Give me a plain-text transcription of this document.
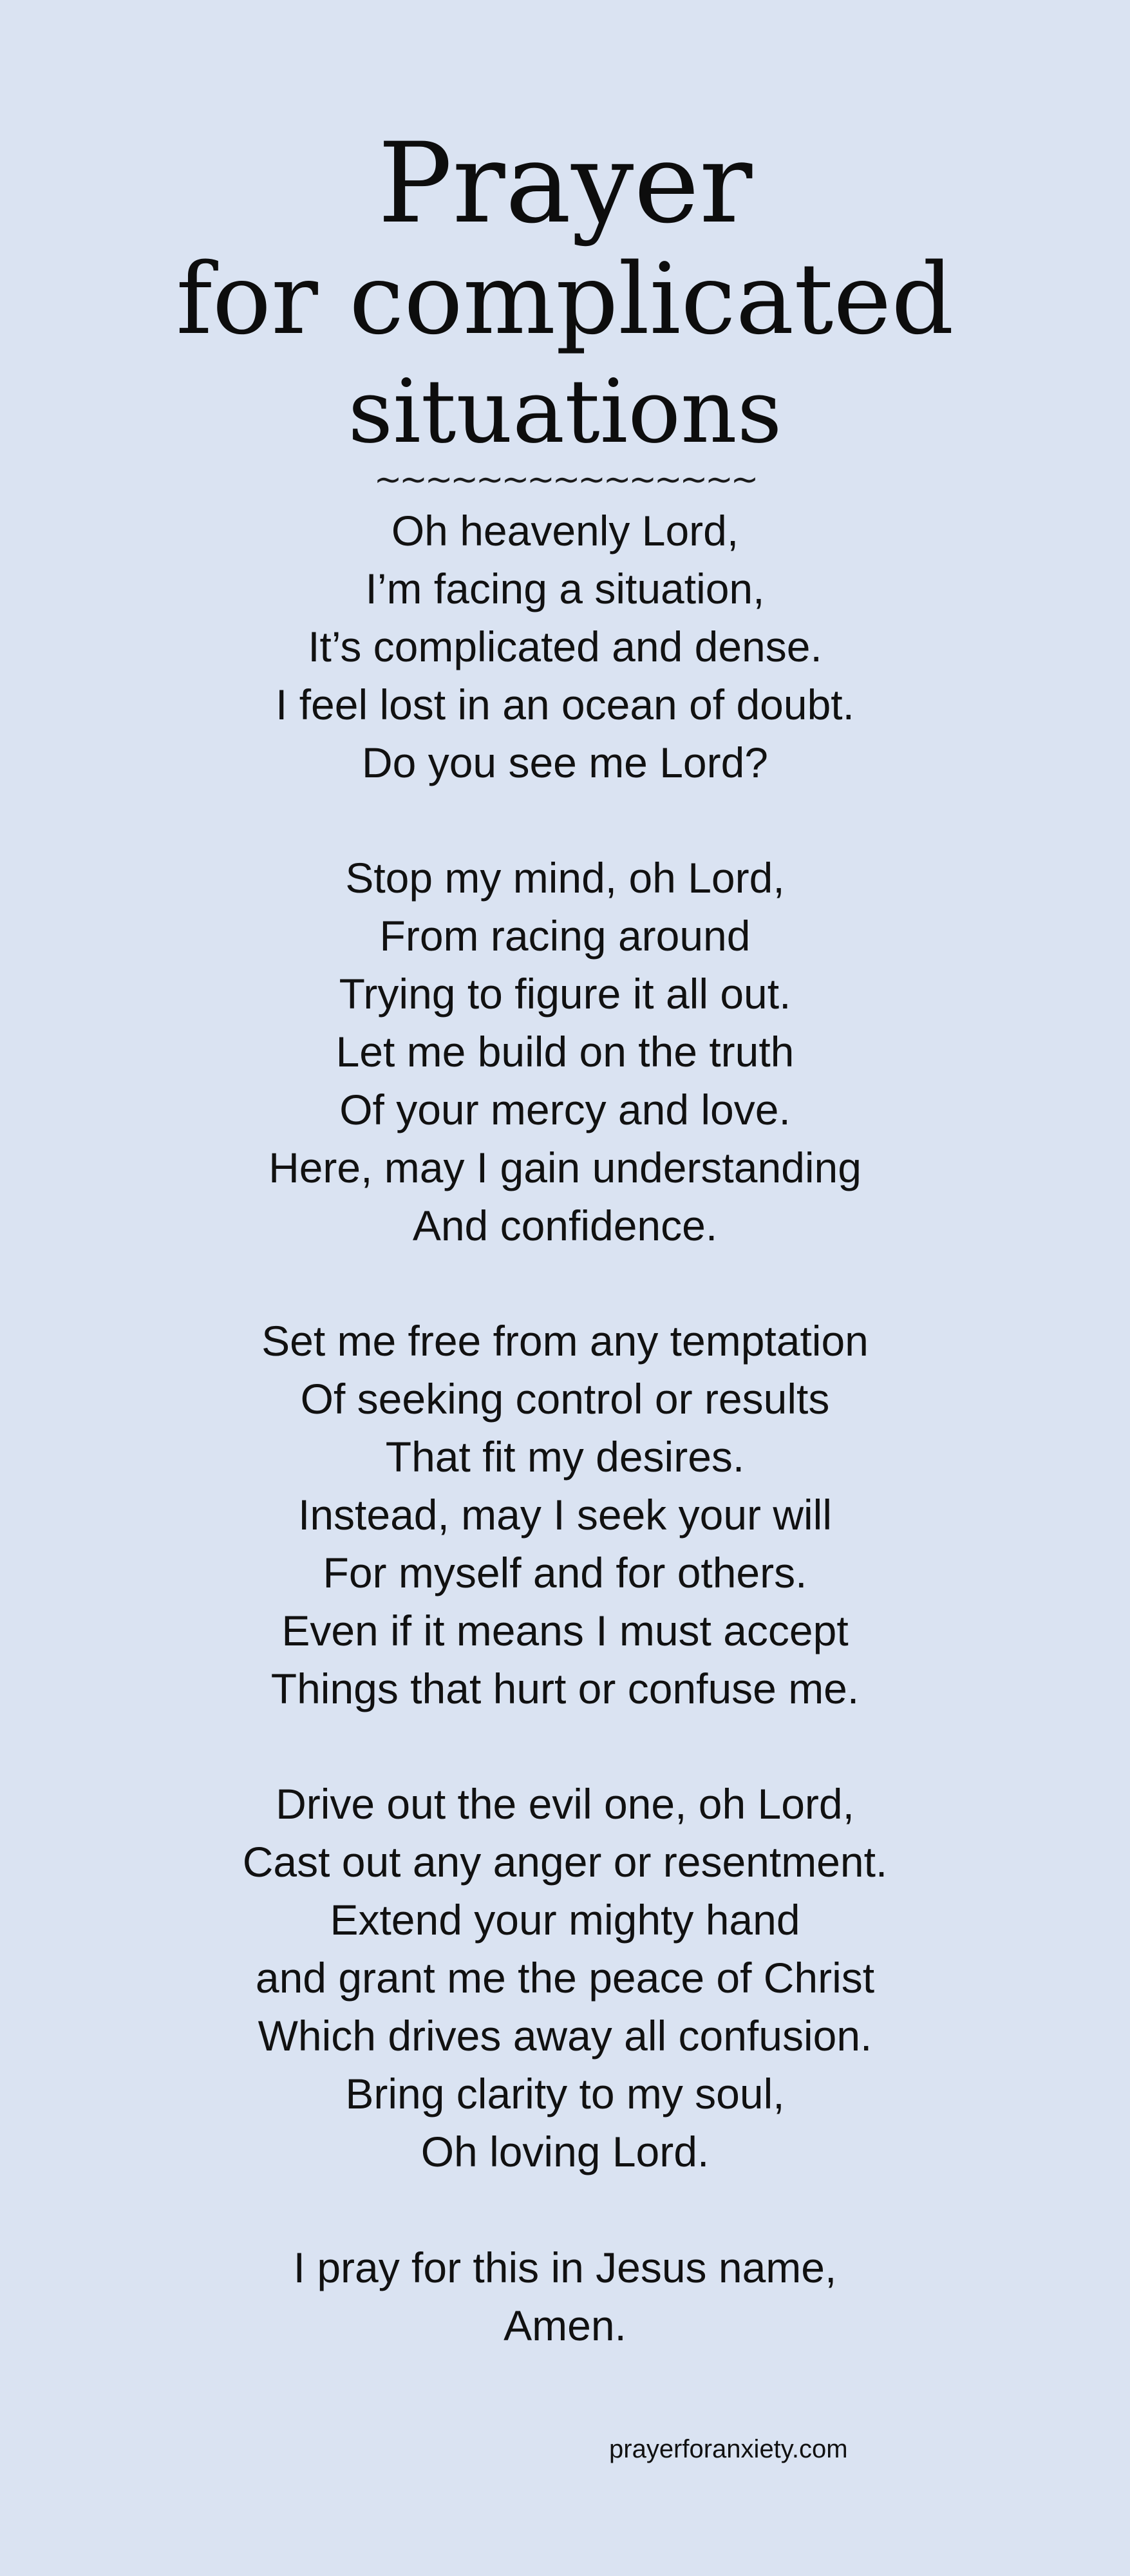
Prayer
for complicated
situations
~~~~~~~~~~~~~~~
Oh heavenly Lord,
I’m facing a situation,
It’s complicated and dense.
I feel lost in an ocean of doubt.
Do you see me Lord?
Stop my mind, oh Lord,
From racing around
Trying to figure it all out.
Let me build on the truth
Of your mercy and love.
Here, may I gain understanding
And confidence.
Set me free from any temptation
Of seeking control or results
That fit my desires.
Instead, may I seek your will
For myself and for others.
Even if it means I must accept
Things that hurt or confuse me.
Drive out the evil one, oh Lord,
Cast out any anger or resentment.
Extend your mighty hand
and grant me the peace of Christ
Which drives away all confusion.
Bring clarity to my soul,
Oh loving Lord.
I pray for this in Jesus name,
Amen.
prayerforanxiety.com
